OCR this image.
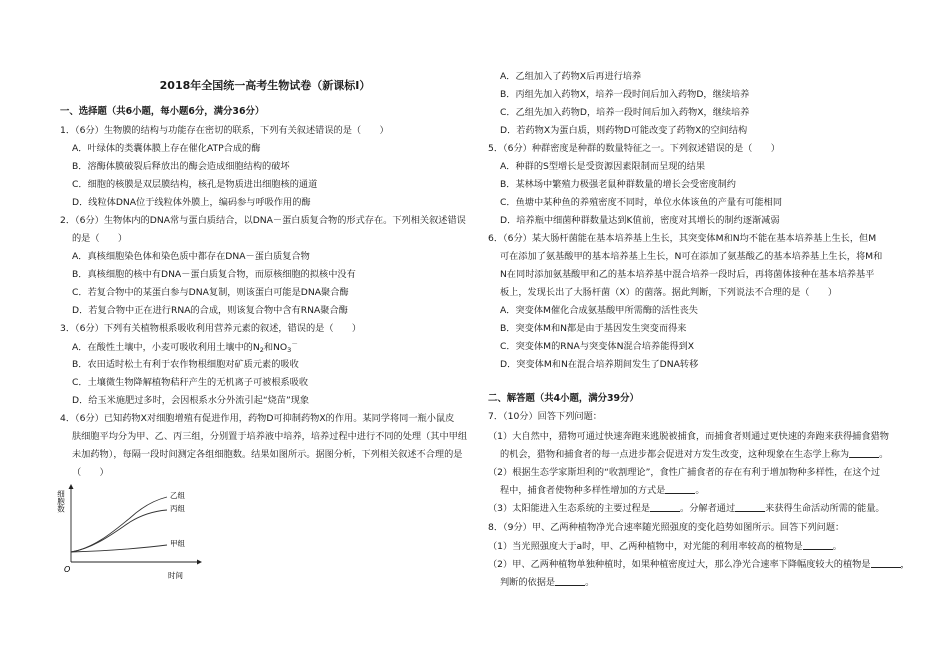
2018年全国统一高考生物试卷（新课标Ⅰ）
一、选择题（共6小题，每小题6分，满分36分）
1．（6分）生物膜的结构与功能存在密切的联系，下列有关叙述错误的是（　　）
A．叶绿体的类囊体膜上存在催化ATP合成的酶
B．溶酶体膜破裂后释放出的酶会造成细胞结构的破坏
C．细胞的核膜是双层膜结构，核孔是物质进出细胞核的通道
D．线粒体DNA位于线粒体外膜上，编码参与呼吸作用的酶
2．（6分）生物体内的DNA常与蛋白质结合，以DNA－蛋白质复合物的形式存在。下列相关叙述错误
的是（　　）
A．真核细胞染色体和染色质中都存在DNA－蛋白质复合物
B．真核细胞的核中有DNA－蛋白质复合物，而原核细胞的拟核中没有
C．若复合物中的某蛋白参与DNA复制，则该蛋白可能是DNA聚合酶
D．若复合物中正在进行RNA的合成，则该复合物中含有RNA聚合酶
3．（6分）下列有关植物根系吸收利用营养元素的叙述，错误的是（　　）
A．在酸性土壤中，小麦可吸收利用土壤中的$N_2$和$NO_3^-$
B．农田适时松土有利于农作物根细胞对矿质元素的吸收
C．土壤微生物降解植物秸秆产生的无机离子可被根系吸收
D．给玉米施肥过多时，会因根系水分外流引起“烧苗”现象
4．（6分）已知药物X对细胞增殖有促进作用，药物D可抑制药物X的作用。某同学将同一瓶小鼠皮
肤细胞平均分为甲、乙、丙三组，分别置于培养液中培养，培养过程中进行不同的处理（其中甲组
未加药物），每隔一段时间测定各组细胞数。结果如图所示。据图分析，下列相关叙述不合理的是
（　　）
细胞数
时间
O
乙组
丙组
甲组
A．乙组加入了药物X后再进行培养
B．丙组先加入药物X，培养一段时间后加入药物D，继续培养
C．乙组先加入药物D，培养一段时间后加入药物X，继续培养
D．若药物X为蛋白质，则药物D可能改变了药物X的空间结构
5．（6分）种群密度是种群的数量特征之一。下列叙述错误的是（　　）
A．种群的S型增长是受资源因素限制而呈现的结果
B．某林场中繁殖力极强老鼠种群数量的增长会受密度制约
C．鱼塘中某种鱼的养殖密度不同时，单位水体该鱼的产量有可能相同
D．培养瓶中细菌种群数量达到K值前，密度对其增长的制约逐渐减弱
6．（6分）某大肠杆菌能在基本培养基上生长，其突变体M和N均不能在基本培养基上生长，但M
可在添加了氨基酸甲的基本培养基上生长，N可在添加了氨基酸乙的基本培养基上生长，将M和
N在同时添加氨基酸甲和乙的基本培养基中混合培养一段时后，再将菌体接种在基本培养基平
板上，发现长出了大肠杆菌（X）的菌落。据此判断，下列说法不合理的是（　　）
A．突变体M催化合成氨基酸甲所需酶的活性丧失
B．突变体M和N都是由于基因发生突变而得来
C．突变体M的RNA与突变体N混合培养能得到X
D．突变体M和N在混合培养期间发生了DNA转移
二、解答题（共4小题，满分39分）
7．（10分）回答下列问题：
（1）大自然中，猎物可通过快速奔跑来逃脱被捕食，而捕食者则通过更快速的奔跑来获得捕食猎物
的机会，猎物和捕食者的每一点进步都会促进对方发生改变，这种现象在生态学上称为	。
（2）根据生态学家斯坦利的“收割理论”，食性广捕食者的存在有利于增加物种多样性，在这个过
程中，捕食者使物种多样性增加的方式是	。
（3）太阳能进入生态系统的主要过程是	。分解者通过	来获得生命活动所需的能量。
8．（9分）甲、乙两种植物净光合速率随光照强度的变化趋势如图所示。回答下列问题：
（1）当光照强度大于a时，甲、乙两种植物中，对光能的利用率较高的植物是	。
（2）甲、乙两种植物单独种植时，如果种植密度过大，那么净光合速率下降幅度较大的植物是	，
判断的依据是	。
